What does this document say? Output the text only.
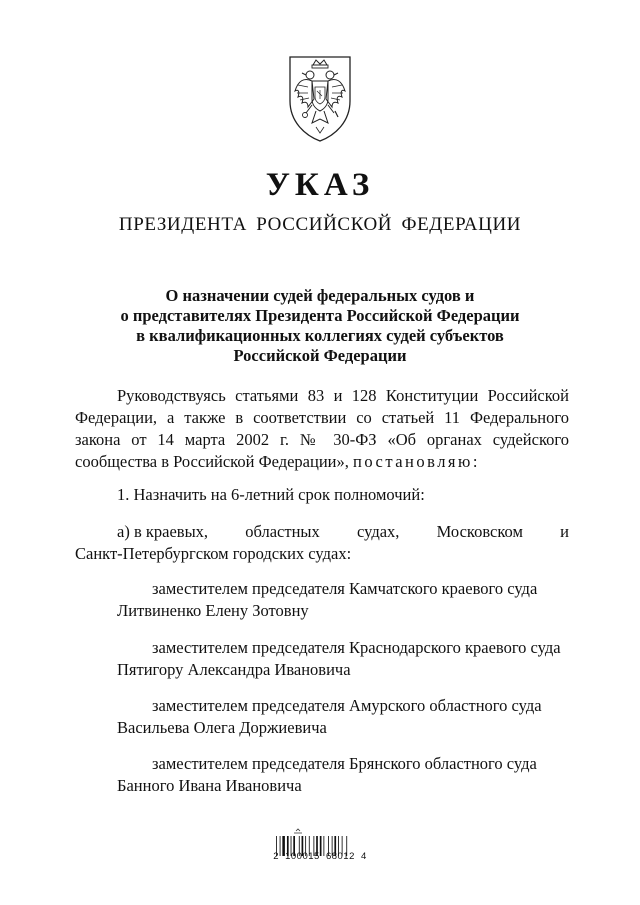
УКАЗ
ПРЕЗИДЕНТА РОССИЙСКОЙ ФЕДЕРАЦИИ
О назначении судей федеральных судов и
о представителях Президента Российской Федерации
в квалификационных коллегиях судей субъектов
Российской Федерации
Руководствуясь статьями 83 и 128 Конституции Российской Федерации, а также в соответствии со статьей 11 Федерального закона от 14 марта 2002 г. № 30-ФЗ «Об органах судейского сообщества в Российской Федерации», постановляю:
1. Назначить на 6-летний срок полномочий:
а) в краевых, областных судах, Московском и
Санкт-Петербургском городских судах:
заместителем председателя Камчатского краевого суда
Литвиненко Елену Зотовну
заместителем председателя Краснодарского краевого суда
Пятигору Александра Ивановича
заместителем председателя Амурского областного суда
Васильева Олега Доржиевича
заместителем председателя Брянского областного суда
Банного Ивана Ивановича
2 100015 68012 4
